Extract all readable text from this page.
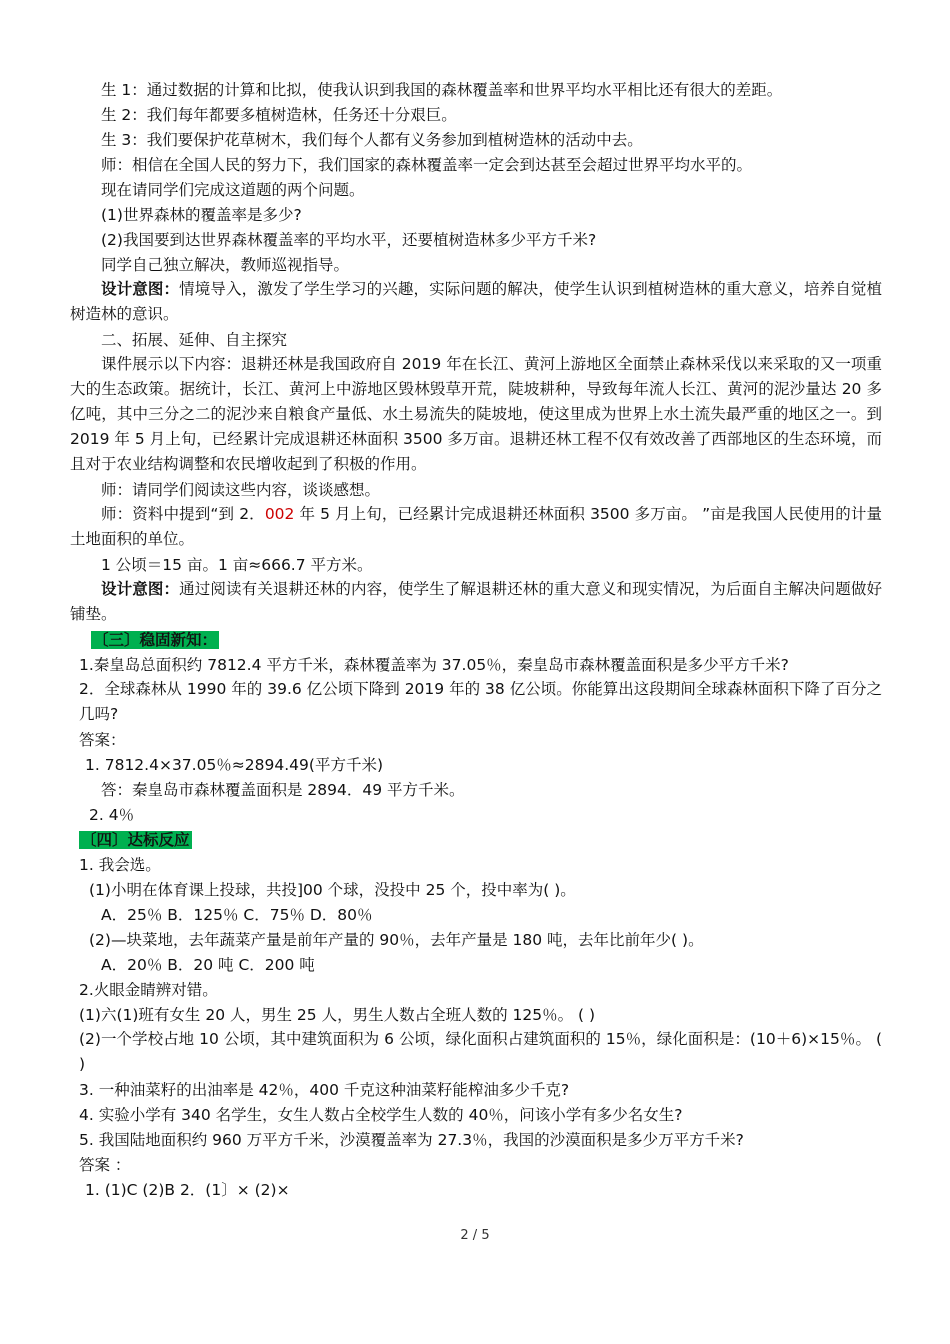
生 1：通过数据的计算和比拟，使我认识到我国的森林覆盖率和世界平均水平相比还有很大的差距。
生 2：我们每年都要多植树造林，任务还十分艰巨。
生 3：我们要保护花草树木，我们每个人都有义务参加到植树造林的活动中去。
师：相信在全国人民的努力下，我们国家的森林覆盖率一定会到达甚至会超过世界平均水平的。
现在请同学们完成这道题的两个问题。
(1)世界森林的覆盖率是多少?
(2)我国要到达世界森林覆盖率的平均水平，还要植树造林多少平方千米?
同学自己独立解决，教师巡视指导。
设计意图：情境导入，激发了学生学习的兴趣，实际问题的解决，使学生认识到植树造林的重大意义，培养自觉植树造林的意识。
二、拓展、延伸、自主探究
课件展示以下内容：退耕还林是我国政府自 2019 年在长江、黄河上游地区全面禁止森林采伐以来采取的又一项重大的生态政策。据统计，长江、黄河上中游地区毁林毁草开荒，陡坡耕种，导致每年流人长江、黄河的泥沙量达 20 多亿吨，其中三分之二的泥沙来自粮食产量低、水土易流失的陡坡地，使这里成为世界上水土流失最严重的地区之一。到 2019 年 5 月上旬，已经累计完成退耕还林面积 3500 多万亩。退耕还林工程不仅有效改善了西部地区的生态环境，而且对于农业结构调整和农民增收起到了积极的作用。
师：请同学们阅读这些内容，谈谈感想。
师：资料中提到“到 2．002 年 5 月上旬，已经累计完成退耕还林面积 3500 多万亩。 ”亩是我国人民使用的计量土地面积的单位。
1 公顷＝15 亩。1 亩≈666.7 平方米。
设计意图：通过阅读有关退耕还林的内容，使学生了解退耕还林的重大意义和现实情况，为后面自主解决问题做好铺垫。
〔三〕稳固新知：
1.秦皇岛总面积约 7812.4 平方千米，森林覆盖率为 37.05％，秦皇岛市森林覆盖面积是多少平方千米?
2．全球森林从 1990 年的 39.6 亿公顷下降到 2019 年的 38 亿公顷。你能算出这段期间全球森林面积下降了百分之几吗?
答案：
1. 7812.4×37.05％≈2894.49(平方千米)
答：秦皇岛市森林覆盖面积是 2894．49 平方千米。
2. 4％
〔四〕达标反应
1. 我会选。
(1)小明在体育课上投球，共投]00 个球，没投中 25 个，投中率为( )。
A．25％ B．125％ C．75％ D．80％
(2)—块菜地，去年蔬菜产量是前年产量的 90％，去年产量是 180 吨，去年比前年少( )。
A．20％ B．20 吨 C．200 吨
2.火眼金睛辨对错。
(1)六(1)班有女生 20 人，男生 25 人，男生人数占全班人数的 125％。 ( )
(2)一个学校占地 10 公顷，其中建筑面积为 6 公顷，绿化面积占建筑面积的 15％，绿化面积是：(10＋6)×15％。 ( )
3. 一种油菜籽的出油率是 42％，400 千克这种油菜籽能榨油多少千克?
4. 实验小学有 340 名学生，女生人数占全校学生人数的 40％，问该小学有多少名女生?
5. 我国陆地面积约 960 万平方千米，沙漠覆盖率为 27.3％，我国的沙漠面积是多少万平方千米?
答案 ：
1. (1)C (2)B 2．(1〕× (2)×
2 / 5
